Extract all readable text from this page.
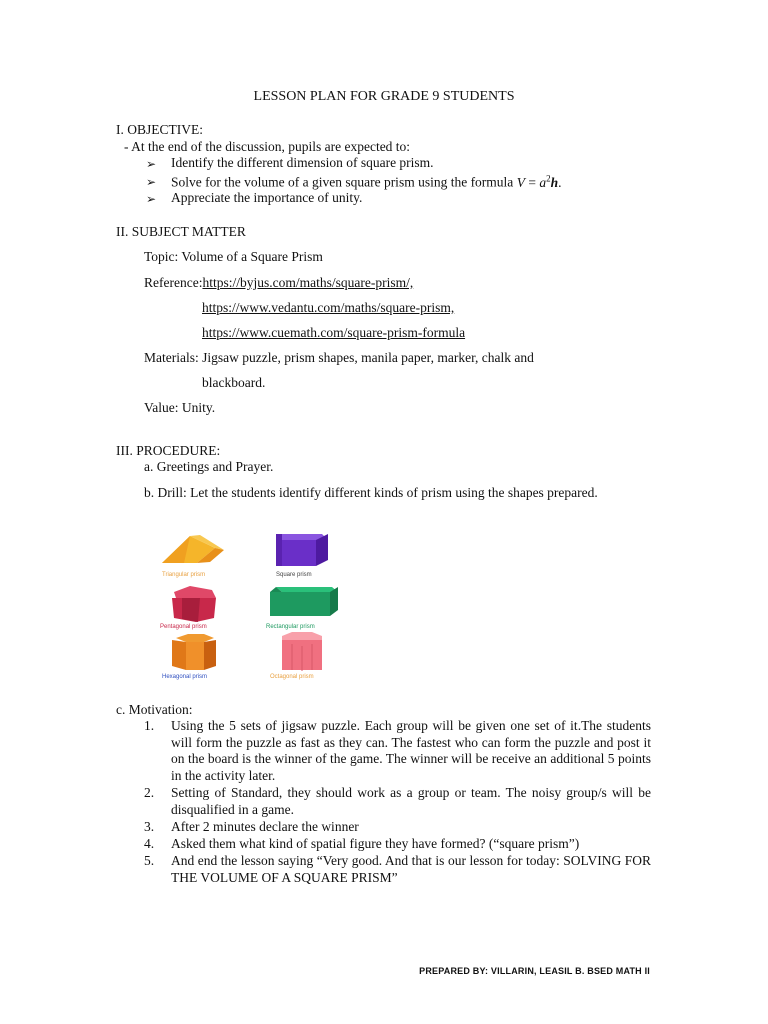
LESSON PLAN FOR GRADE 9 STUDENTS
I. OBJECTIVE:
- At the end of the discussion, pupils are expected to:
➢ Identify the different dimension of square prism.
➢ Solve for the volume of a given square prism using the formula $V = a^2h$.
➢ Appreciate the importance of unity.
II. SUBJECT MATTER
Topic: Volume of a Square Prism
Reference:https://byjus.com/maths/square-prism/,
https://www.vedantu.com/maths/square-prism,
https://www.cuemath.com/square-prism-formula
Materials: Jigsaw puzzle, prism shapes, manila paper, marker, chalk and
blackboard.
Value: Unity.
III. PROCEDURE:
a. Greetings and Prayer.
b. Drill: Let the students identify different kinds of prism using the shapes prepared.
Triangular prism	Square prism
Pentagonal prism	Rectangular prism
Hexagonal prism	Octagonal prism
c. Motivation:
1. Using the 5 sets of jigsaw puzzle. Each group will be given one set of it.The students will form the puzzle as fast as they can. The fastest who can form the puzzle and post it on the board is the winner of the game. The winner will be receive an additional 5 points in the activity later.
2. Setting of Standard, they should work as a group or team. The noisy group/s will be disqualified in a game.
3. After 2 minutes declare the winner
4. Asked them what kind of spatial figure they have formed? (“square prism”)
5. And end the lesson saying “Very good. And that is our lesson for today: SOLVING FOR THE VOLUME OF A SQUARE PRISM”
PREPARED BY: VILLARIN, LEASIL B. BSED MATH II
